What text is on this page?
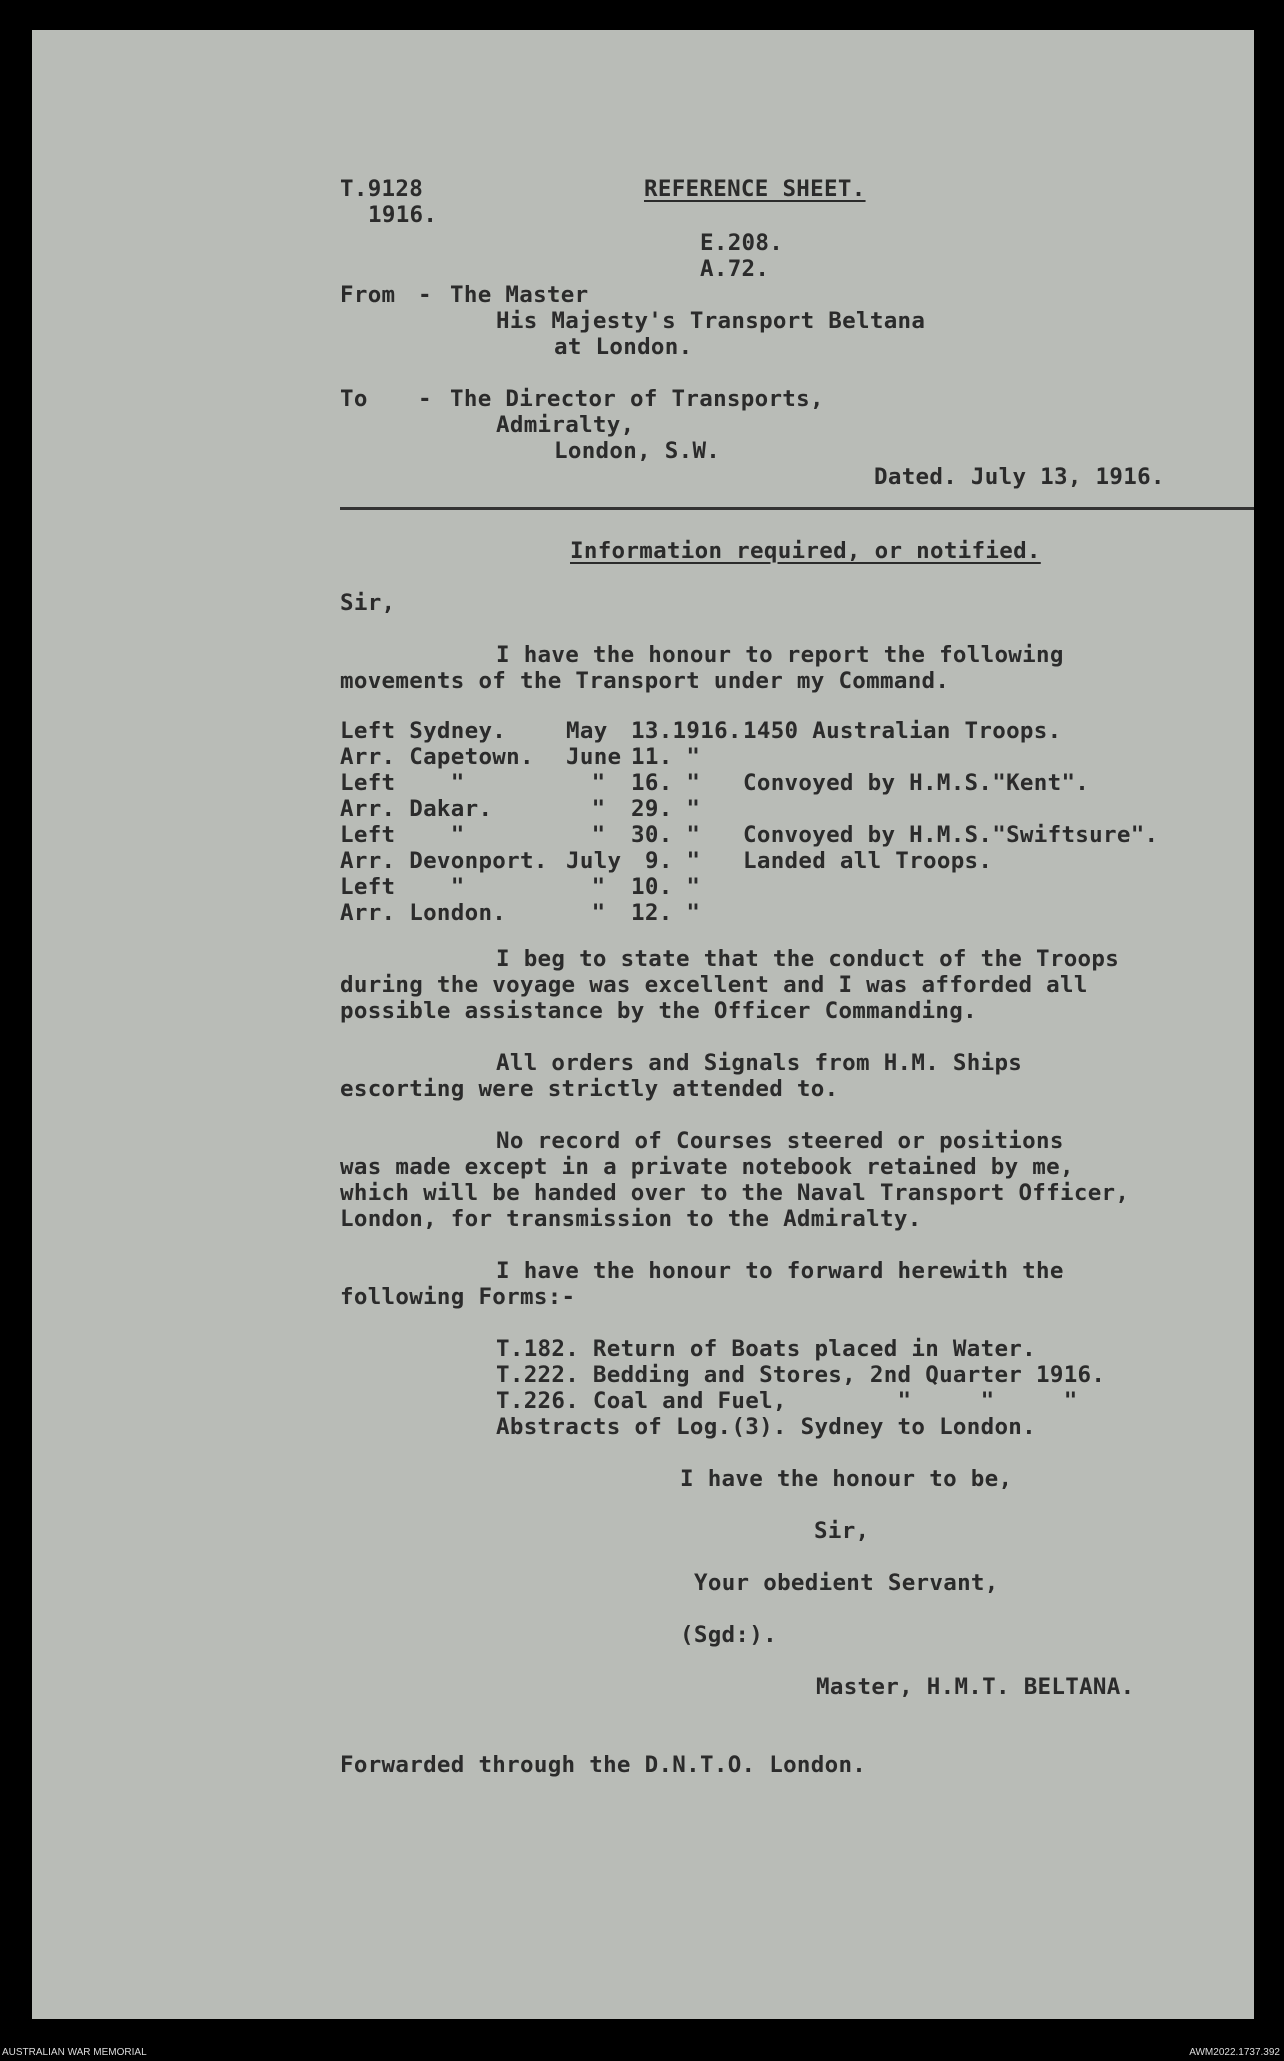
T.9128
1916.
REFERENCE SHEET.
E.208.
A.72.
From - The Master
His Majesty's Transport Beltana
at London.
To - The Director of Transports,
Admiralty,
London, S.W.
Dated. July 13, 1916.
Information required, or notified.
Sir,
I have the honour to report the following
movements of the Transport under my Command.
Left Sydney.	May	13.1916.	1450 Australian Troops.
Arr. Capetown.	June	11. "	
Left    "	"	16. "	Convoyed by H.M.S."Kent".
Arr. Dakar.	"	29. "	
Left    "	"	30. "	Convoyed by H.M.S."Swiftsure".
Arr. Devonport.	July	9. "	Landed all Troops.
Left    "	"	10. "	
Arr. London.	"	12. "	
I beg to state that the conduct of the Troops
during the voyage was excellent and I was afforded all
possible assistance by the Officer Commanding.
All orders and Signals from H.M. Ships
escorting were strictly attended to.
No record of Courses steered or positions
was made except in a private notebook retained by me,
which will be handed over to the Naval Transport Officer,
London, for transmission to the Admiralty.
I have the honour to forward herewith the
following Forms:-
T.182. Return of Boats placed in Water.
T.222. Bedding and Stores, 2nd Quarter 1916.
T.226. Coal and Fuel,        "     "     "
Abstracts of Log.(3). Sydney to London.
I have the honour to be,
Sir,
Your obedient Servant,
(Sgd:).
Master, H.M.T. BELTANA.
Forwarded through the D.N.T.O. London.
AUSTRALIAN WAR MEMORIAL	AWM2022.1737.392
